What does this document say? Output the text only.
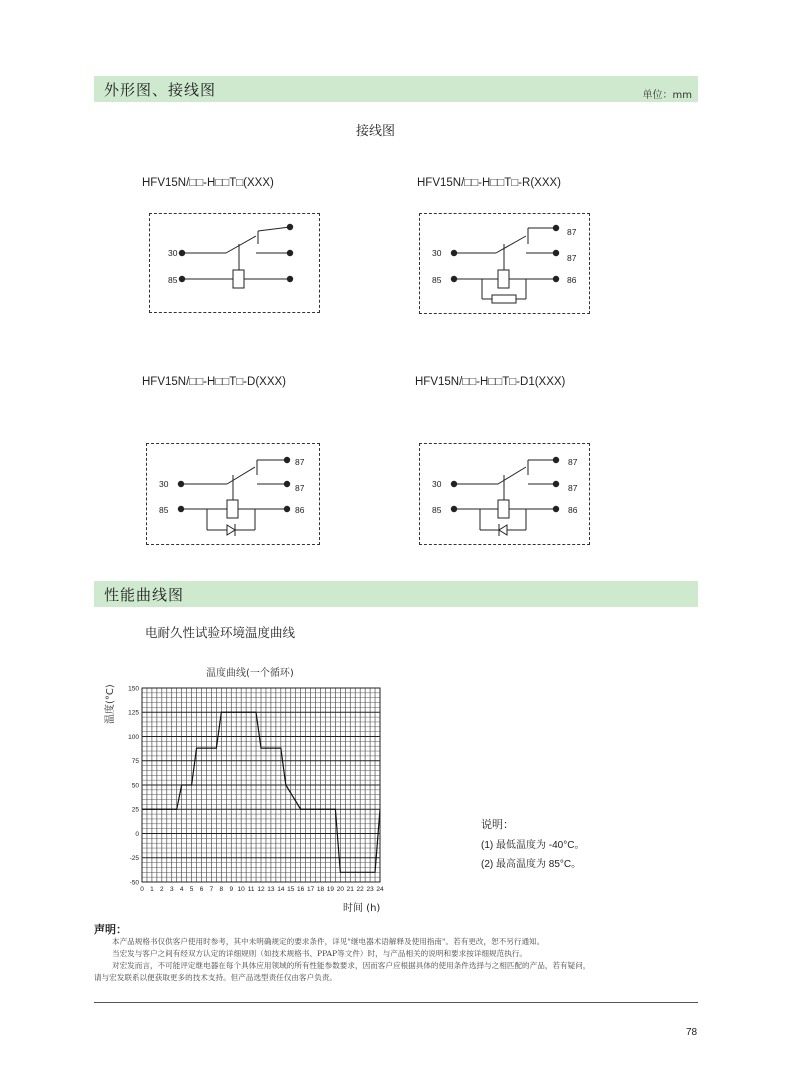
外形图、接线图	单位：mm
接线图
HFV15N/□□-H□□T□(XXX)
30
85
HFV15N/□□-H□□T□-R(XXX)
87
87
30
85	86
HFV15N/□□-H□□T□-D(XXX)
87
87
30
85	86
HFV15N/□□-H□□T□-D1(XXX)
87
87
30
85	86
性能曲线图
电耐久性试验环境温度曲线
温度曲线(一个循环)
温度(°C) 150
125
100
75
50
25
0
-25
-50
0 1 2 3 4 5 6 7 8 9 10 11 12 13 14 15 16 17 18 19 20 21 22 23 24
时间 (h)
说明：
(1) 最低温度为 -40°C。
(2) 最高温度为 85°C。
声明：
本产品规格书仅供客户使用时参考，其中未明确规定的要求条件，详见"继电器术语解释及使用指南"。若有更改，恕不另行通知。
当宏发与客户之间有经双方认定的详细规则（如技术规格书、PPAP等文件）时，与产品相关的说明和要求按详细规范执行。
对宏发而言，不可能评定继电器在每个具体应用领域的所有性能参数要求，因而客户应根据具体的使用条件选择与之相匹配的产品，若有疑问，
请与宏发联系以便获取更多的技术支持。但产品选型责任仅由客户负责。
78
